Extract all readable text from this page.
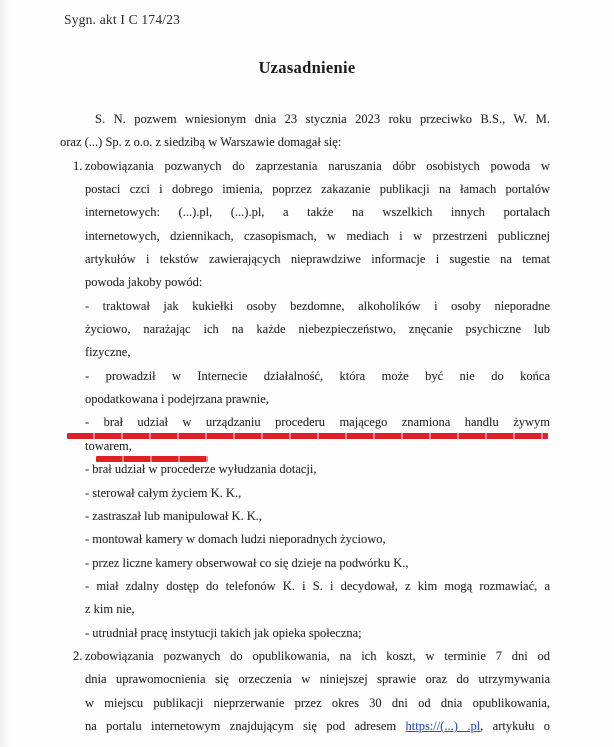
Sygn. akt I C 174/23
Uzasadnienie
S. N. pozwem wniesionym dnia 23 stycznia 2023 roku przeciwko B.S., W. M.
oraz (...) Sp. z o.o. z siedzibą w Warszawie domagał się:
1. zobowiązania pozwanych do zaprzestania naruszania dóbr osobistych powoda w
postaci czci i dobrego imienia, poprzez zakazanie publikacji na łamach portalów
internetowych: (...).pl, (...).pl, a także na wszelkich innych portalach
internetowych, dziennikach, czasopismach, w mediach i w przestrzeni publicznej
artykułów i tekstów zawierających nieprawdziwe informacje i sugestie na temat
powoda jakoby powód:
- traktował jak kukiełki osoby bezdomne, alkoholików i osoby nieporadne
życiowo, narażając ich na każde niebezpieczeństwo, znęcanie psychiczne lub
fizyczne,
- prowadził w Internecie działalność, która może być nie do końca
opodatkowana i podejrzana prawnie,
- brał udział w urządzaniu procederu mającego znamiona handlu żywym
towarem,
- brał udział w procederze wyłudzania dotacji,
- sterował całym życiem K. K.,
- zastraszał lub manipulował K. K.,
- montował kamery w domach ludzi nieporadnych życiowo,
- przez liczne kamery obserwował co się dzieje na podwórku K.,
- miał zdalny dostęp do telefonów K. i S. i decydował, z kim mogą rozmawiać, a
z kim nie,
- utrudniał pracę instytucji takich jak opieka społeczna;
2. zobowiązania pozwanych do opublikowania, na ich koszt, w terminie 7 dni od
dnia uprawomocnienia się orzeczenia w niniejszej sprawie oraz do utrzymywania
w miejscu publikacji nieprzerwanie przez okres 30 dni od dnia opublikowania,
na portalu internetowym znajdującym się pod adresem https://(...) .pl, artykułu o
